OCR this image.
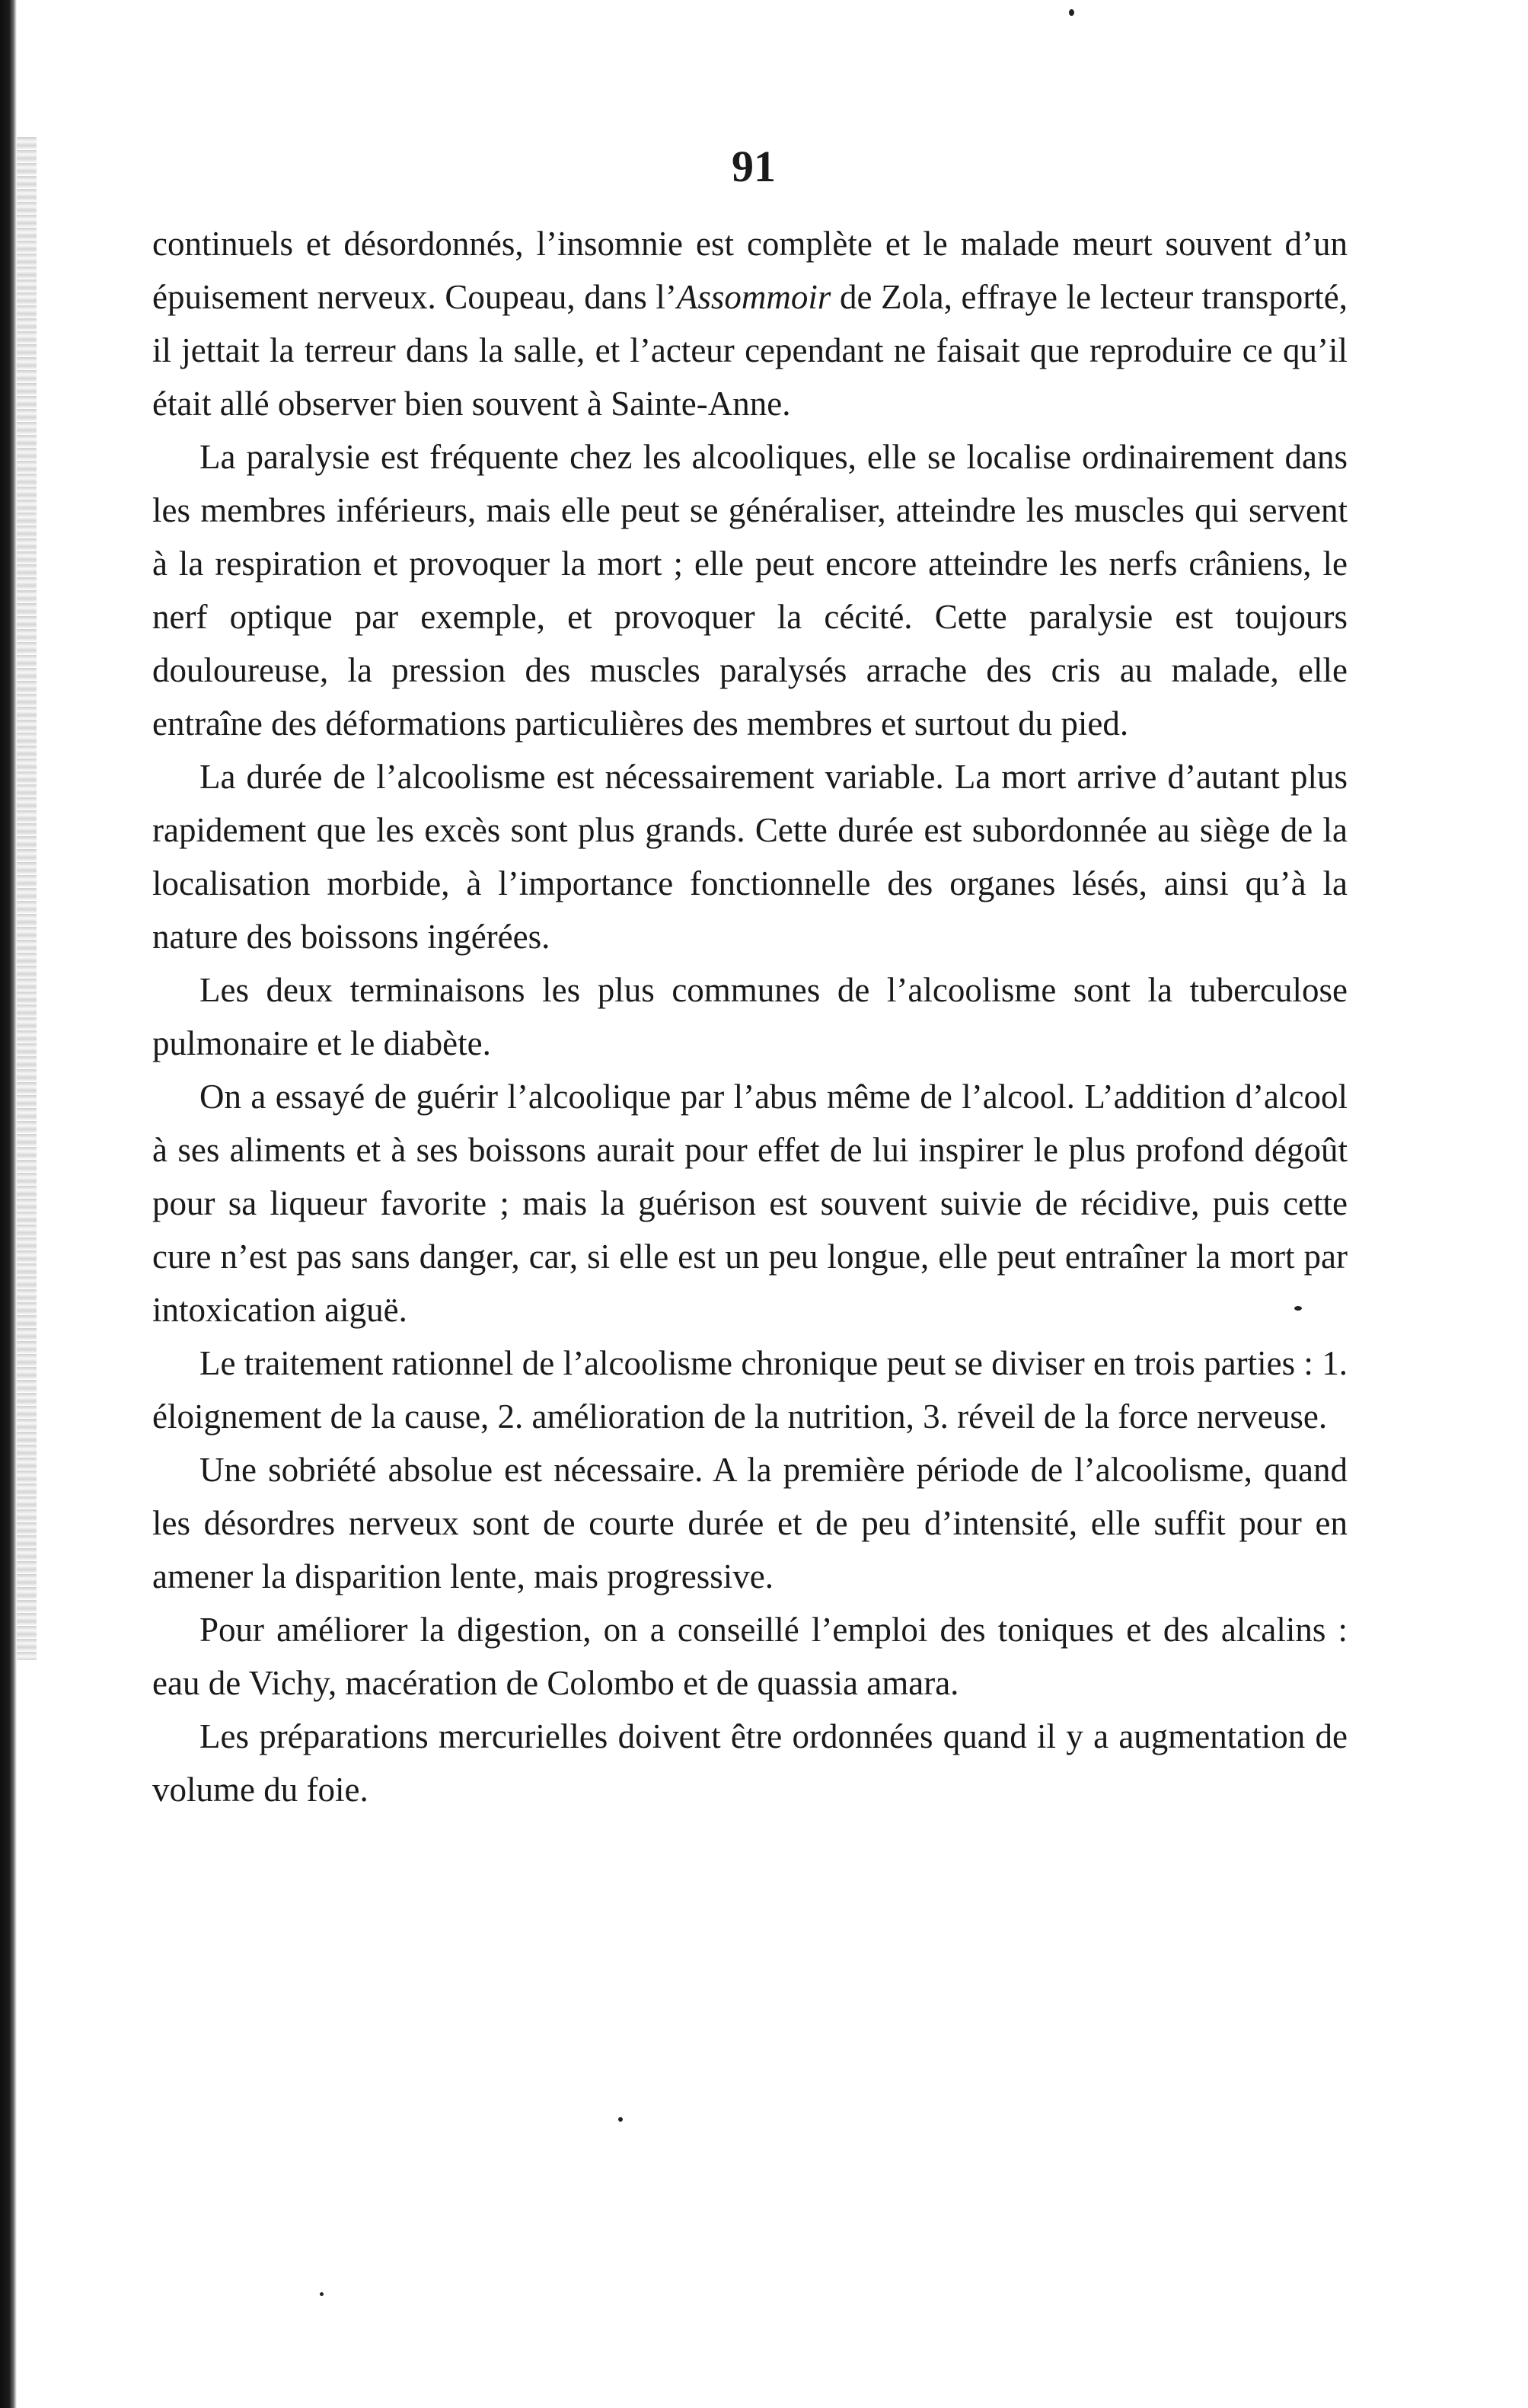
91

continuels et désordonnés, l’insomnie est complète et le malade meurt souvent d’un épuisement nerveux. Coupeau, dans l’Assommoir de Zola, effraye le lecteur transporté, il jettait la terreur dans la salle, et l’acteur cependant ne faisait que reproduire ce qu’il était allé observer bien souvent à Sainte-Anne.

La paralysie est fréquente chez les alcooliques, elle se localise ordinairement dans les membres inférieurs, mais elle peut se généraliser, atteindre les muscles qui servent à la respiration et provoquer la mort ; elle peut encore atteindre les nerfs crâniens, le nerf optique par exemple, et provoquer la cécité. Cette paralysie est toujours douloureuse, la pression des muscles paralysés arrache des cris au malade, elle entraîne des déformations particulières des membres et surtout du pied.

La durée de l’alcoolisme est nécessairement variable. La mort arrive d’autant plus rapidement que les excès sont plus grands. Cette durée est subordonnée au siège de la localisation morbide, à l’importance fonctionnelle des organes lésés, ainsi qu’à la nature des boissons ingérées.

Les deux terminaisons les plus communes de l’alcoolisme sont la tuberculose pulmonaire et le diabète.

On a essayé de guérir l’alcoolique par l’abus même de l’alcool. L’addition d’alcool à ses aliments et à ses boissons aurait pour effet de lui inspirer le plus profond dégoût pour sa liqueur favorite ; mais la guérison est souvent suivie de récidive, puis cette cure n’est pas sans danger, car, si elle est un peu longue, elle peut entraîner la mort par intoxication aiguë.

Le traitement rationnel de l’alcoolisme chronique peut se diviser en trois parties : 1. éloignement de la cause, 2. amélioration de la nutrition, 3. réveil de la force nerveuse.

Une sobriété absolue est nécessaire. A la première période de l’alcoolisme, quand les désordres nerveux sont de courte durée et de peu d’intensité, elle suffit pour en amener la disparition lente, mais progressive.

Pour améliorer la digestion, on a conseillé l’emploi des toniques et des alcalins : eau de Vichy, macération de Colombo et de quassia amara.

Les préparations mercurielles doivent être ordonnées quand il y a augmentation de volume du foie.
